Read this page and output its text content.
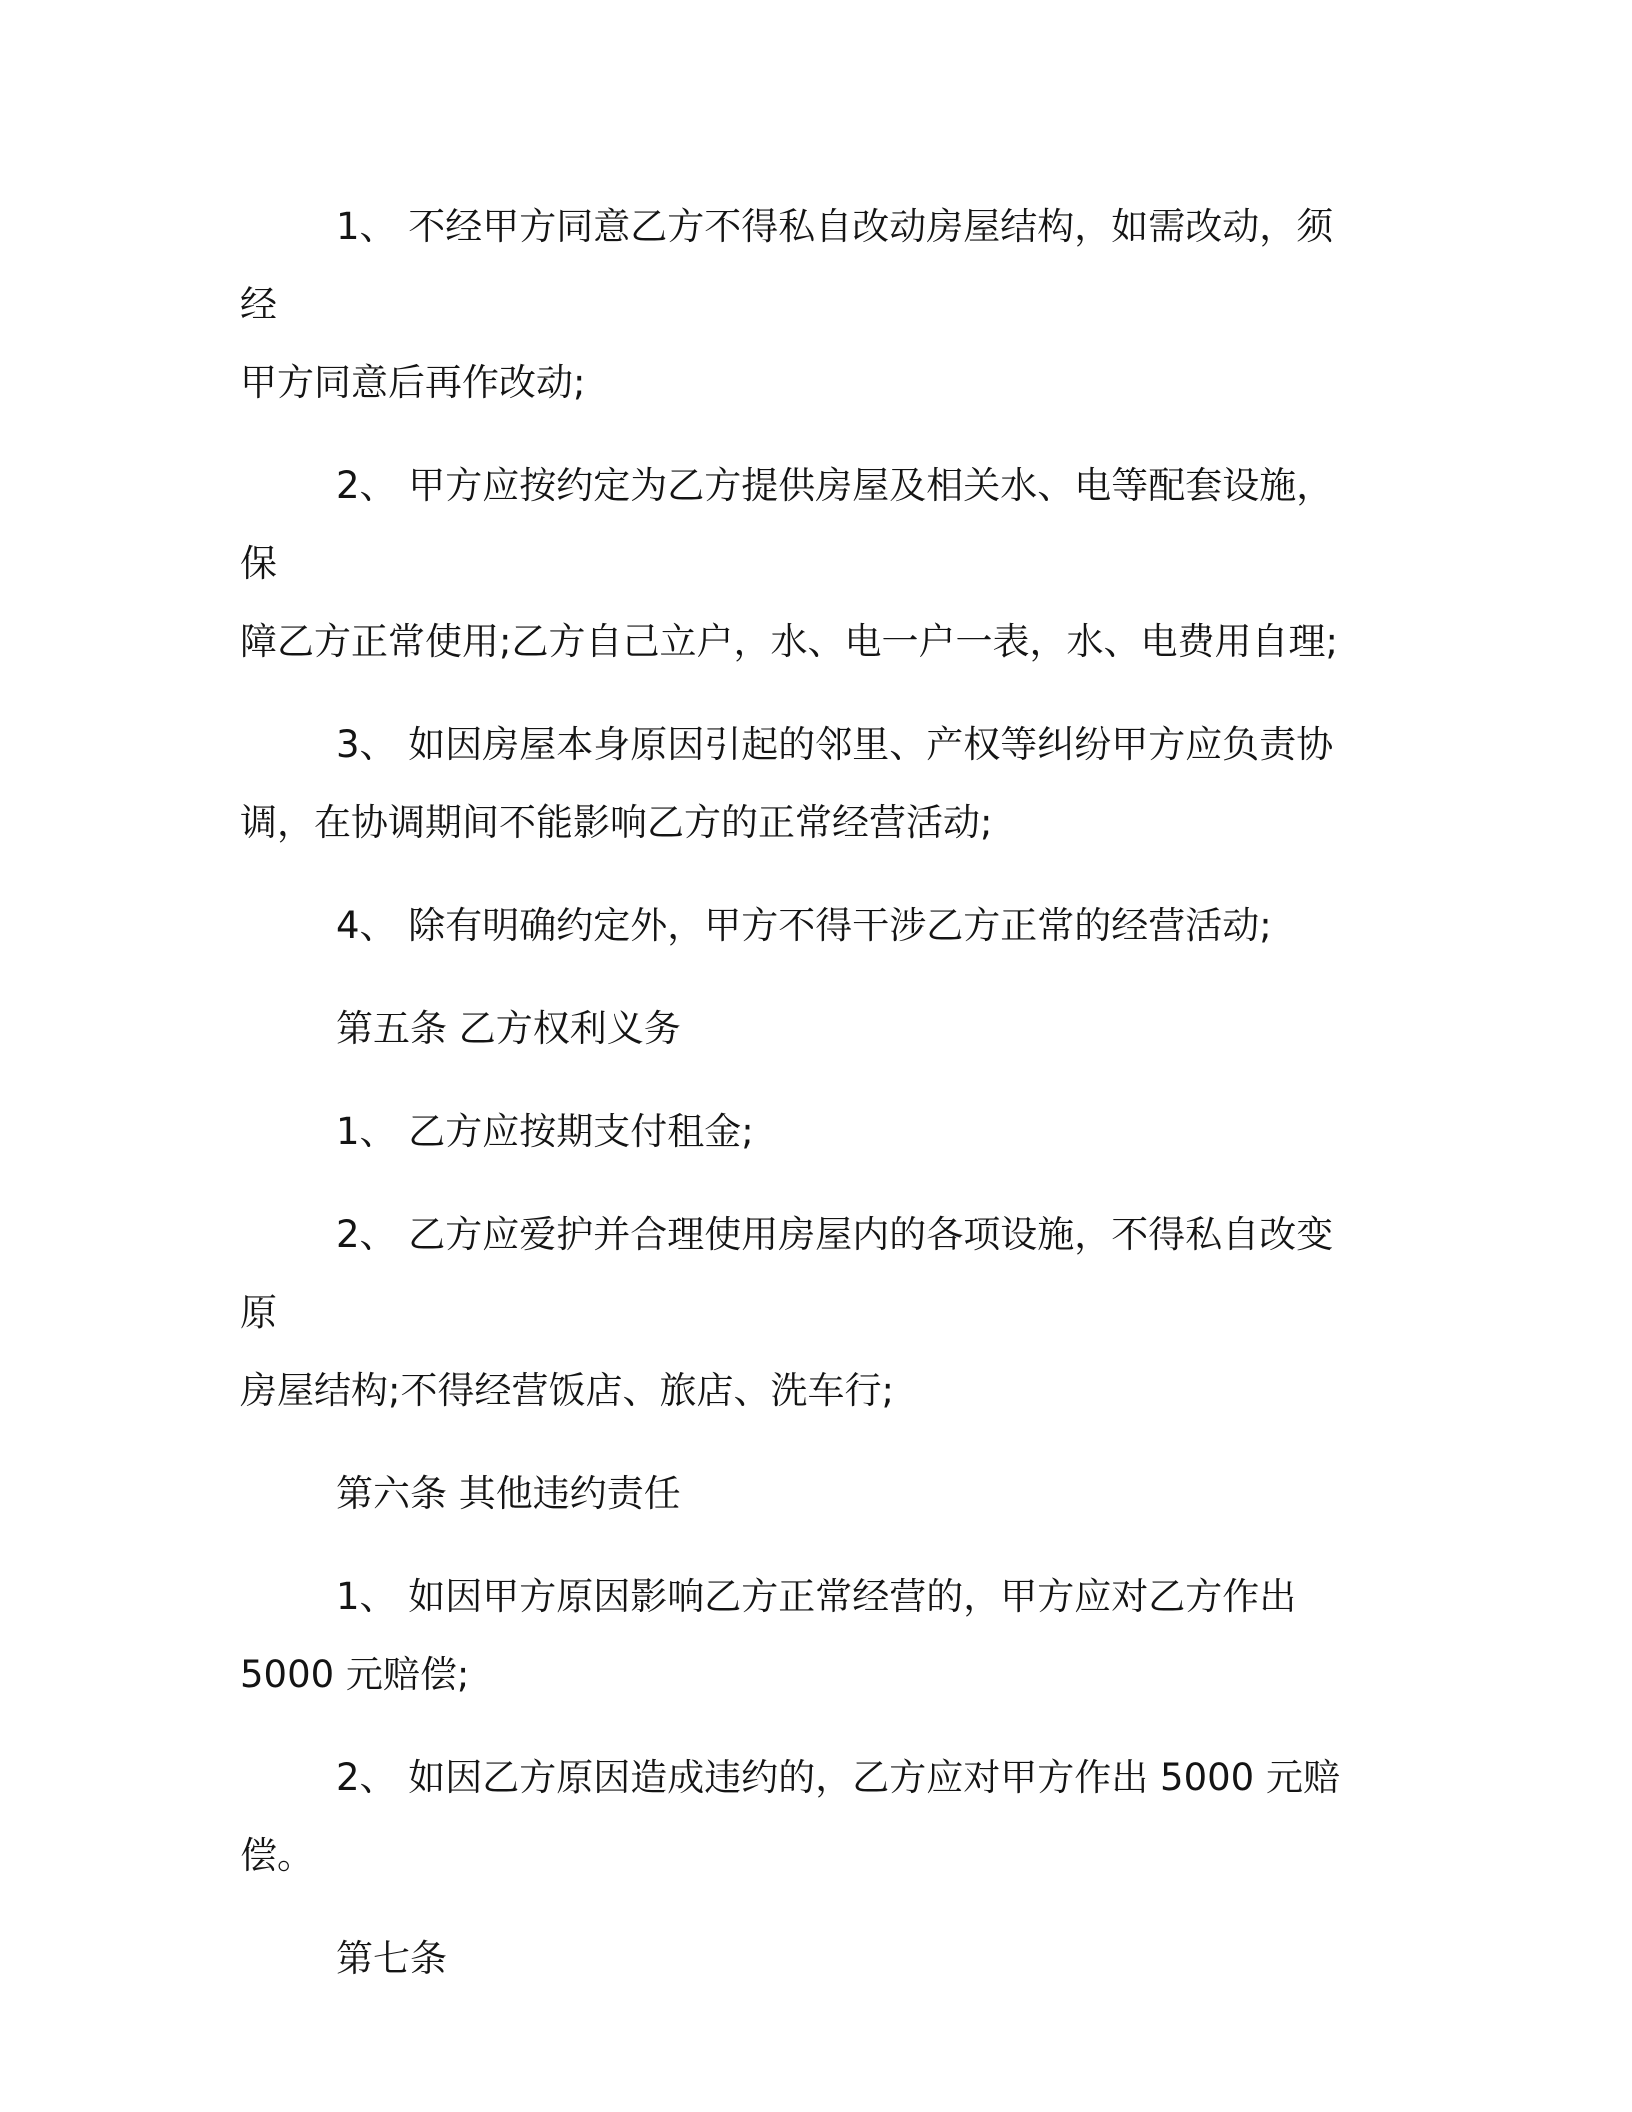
1、 不经甲方同意乙方不得私自改动房屋结构，如需改动，须经
甲方同意后再作改动;

2、 甲方应按约定为乙方提供房屋及相关水、电等配套设施，保
障乙方正常使用;乙方自己立户，水、电一户一表，水、电费用自理;

3、 如因房屋本身原因引起的邻里、产权等纠纷甲方应负责协
调，在协调期间不能影响乙方的正常经营活动;

4、 除有明确约定外，甲方不得干涉乙方正常的经营活动;

第五条 乙方权利义务

1、 乙方应按期支付租金;

2、 乙方应爱护并合理使用房屋内的各项设施，不得私自改变原
房屋结构;不得经营饭店、旅店、洗车行;

第六条 其他违约责任

1、 如因甲方原因影响乙方正常经营的，甲方应对乙方作出
5000 元赔偿;

2、 如因乙方原因造成违约的，乙方应对甲方作出 5000 元赔
偿。

第七条
